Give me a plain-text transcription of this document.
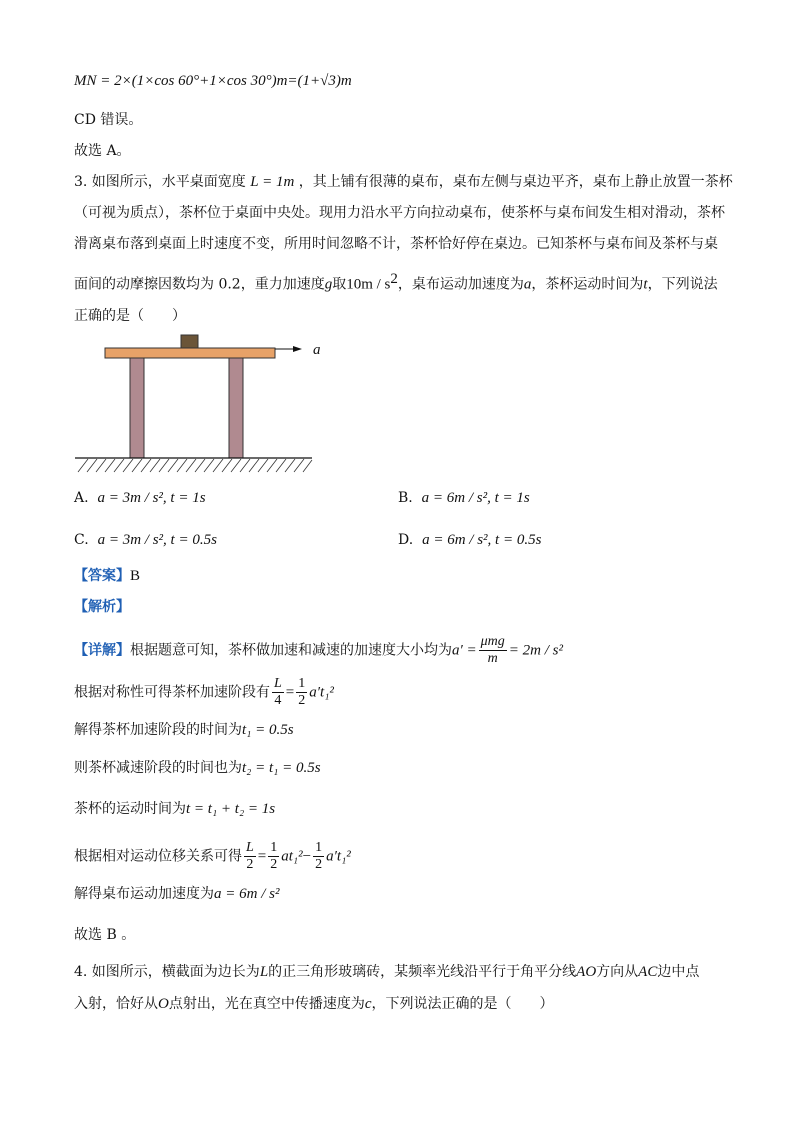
MN = 2×(1×cos 60°+1×cos 30°)m=(1+√3)m
CD 错误。
故选 A。
3. 如图所示，水平桌面宽度 L = 1m ，其上铺有很薄的桌布，桌布左侧与桌边平齐，桌布上静止放置一茶杯
（可视为质点），茶杯位于桌面中央处。现用力沿水平方向拉动桌布，使茶杯与桌布间发生相对滑动，茶杯
滑离桌布落到桌面上时速度不变，所用时间忽略不计，茶杯恰好停在桌边。已知茶杯与桌布间及茶杯与桌
面间的动摩擦因数均为 0.2，重力加速度g取$10m / s^2$，桌布运动加速度为a，茶杯运动时间为t，下列说法
正确的是（　　）
a
A. a = 3m / s², t = 1s	B. a = 6m / s², t = 1s
C. a = 3m / s², t = 0.5s	D. a = 6m / s², t = 0.5s
【答案】B
【解析】
【详解】根据题意可知，茶杯做加速和减速的加速度大小均为$a' = \frac{\text{μmg}}{m} = 2m / s^2$
根据对称性可得茶杯加速阶段有 $\frac{L}{4} = \frac{1}{2} a't_1^2$
解得茶杯加速阶段的时间为t₁ = 0.5s
则茶杯减速阶段的时间也为t₂ = t₁ = 0.5s
茶杯的运动时间为t = t₁ + t₂ = 1s
根据相对运动位移关系可得 $\frac{L}{2} = \frac{1}{2} at_1^2- \frac{1}{2} a't_1^2$
解得桌布运动加速度为a = 6m / s²
故选 B 。
4. 如图所示，横截面为边长为L的正三角形玻璃砖，某频率光线沿平行于角平分线AO方向从AC边中点
入射，恰好从O点射出，光在真空中传播速度为c，下列说法正确的是（　　）
